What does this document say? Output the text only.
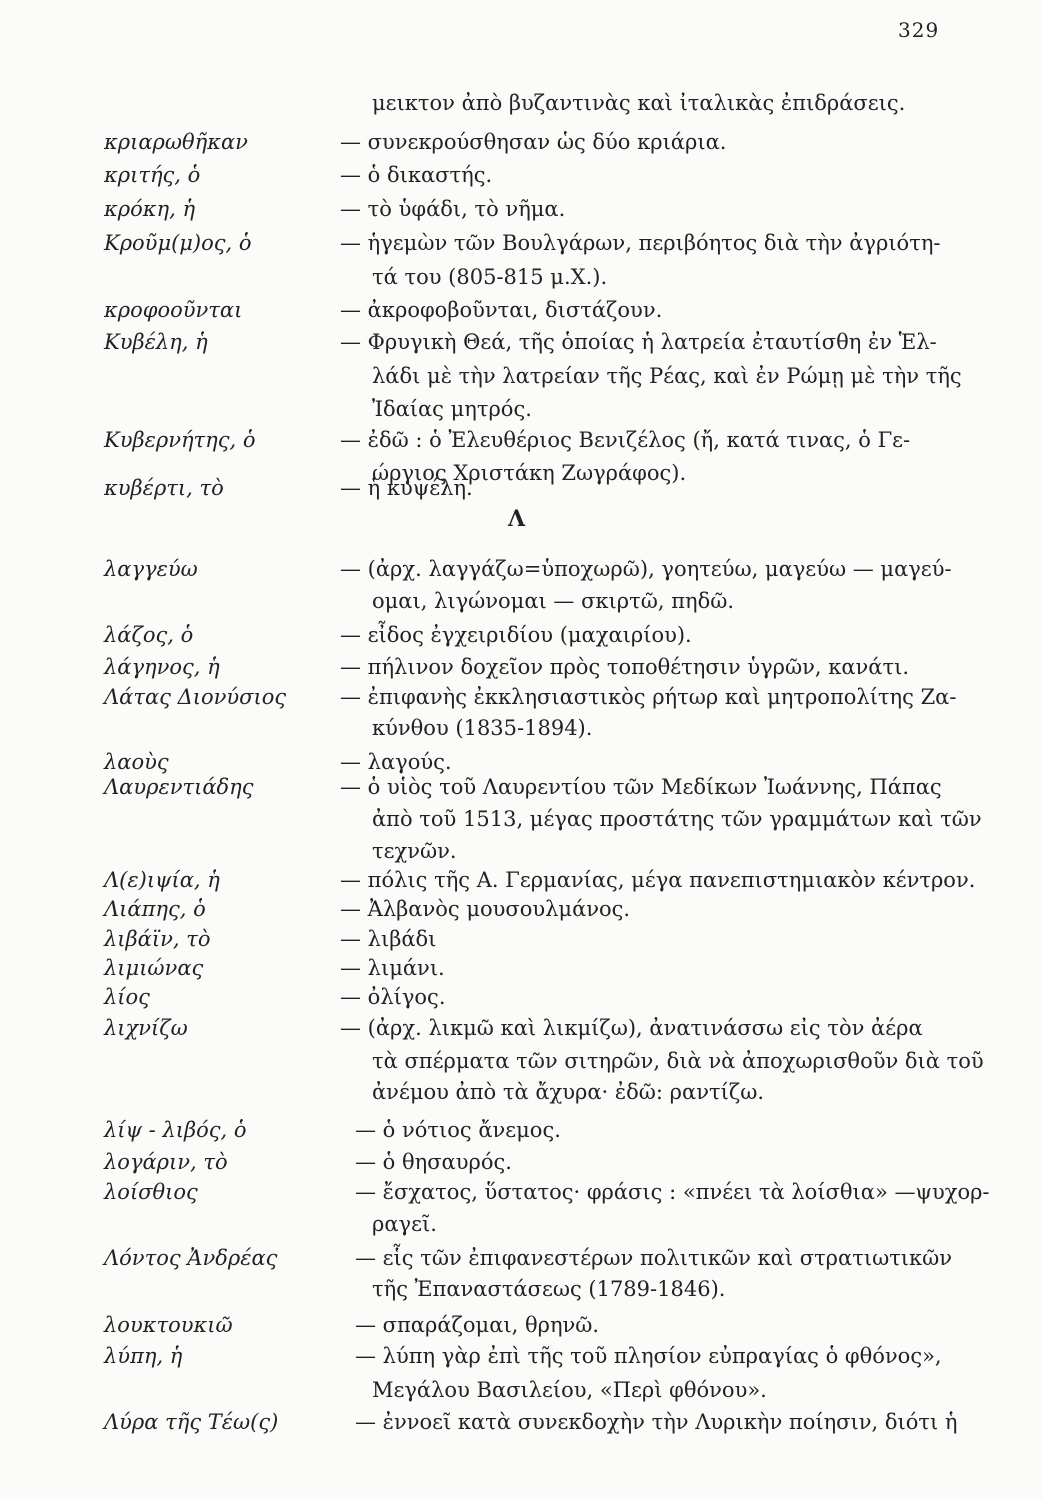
329
Λ
μεικτον ἀπὸ βυζαντινὰς καὶ ἰταλικὰς ἐπιδράσεις.
κριαρωθῆκαν	— συνεκρούσθησαν ὡς δύο κριάρια.
κριτής, ὁ	— ὁ δικαστής.
κρόκη, ἡ	— τὸ ὑφάδι, τὸ νῆμα.
Κροῦμ(μ)ος, ὁ	— ἡγεμὼν τῶν Βουλγάρων, περιβόητος διὰ τὴν ἀγριότη-
τά του (805-815 μ.Χ.).
κροφοοῦνται	— ἀκροφοβοῦνται, διστάζουν.
Κυβέλη, ἡ	— Φρυγικὴ Θεά, τῆς ὁποίας ἡ λατρεία ἐταυτίσθη ἐν Ἑλ-
λάδι μὲ τὴν λατρείαν τῆς Ρέας, καὶ ἐν Ρώμῃ μὲ τὴν τῆς
Ἰδαίας μητρός.
Κυβερνήτης, ὁ	— ἐδῶ : ὁ Ἐλευθέριος Βενιζέλος (ἤ, κατά τινας, ὁ Γε-
ώργιος Χριστάκη Ζωγράφος).
κυβέρτι, τὸ	— ἡ κυψέλη.
λαγγεύω	— (ἀρχ. λαγγάζω=ὑποχωρῶ), γοητεύω, μαγεύω — μαγεύ-
ομαι, λιγώνομαι — σκιρτῶ, πηδῶ.
λάζος, ὁ	— εἶδος ἐγχειριδίου (μαχαιρίου).
λάγηνος, ἡ	— πήλινον δοχεῖον πρὸς τοποθέτησιν ὑγρῶν, κανάτι.
Λάτας Διονύσιος	— ἐπιφανὴς ἐκκλησιαστικὸς ρήτωρ καὶ μητροπολίτης Ζα-
κύνθου (1835-1894).
λαοὺς	— λαγούς.
Λαυρεντιάδης	— ὁ υἱὸς τοῦ Λαυρεντίου τῶν Μεδίκων Ἰωάννης, Πάπας
ἀπὸ τοῦ 1513, μέγας προστάτης τῶν γραμμάτων καὶ τῶν
τεχνῶν.
Λ(ε)ιψία, ἡ	— πόλις τῆς Α. Γερμανίας, μέγα πανεπιστημιακὸν κέντρον.
Λιάπης, ὁ	— Ἀλβανὸς μουσουλμάνος.
λιβάϊν, τὸ	— λιβάδι
λιμιώνας	— λιμάνι.
λίος	— ὀλίγος.
λιχνίζω	— (ἀρχ. λικμῶ καὶ λικμίζω), ἀνατινάσσω εἰς τὸν ἀέρα
τὰ σπέρματα τῶν σιτηρῶν, διὰ νὰ ἀποχωρισθοῦν διὰ τοῦ
ἀνέμου ἀπὸ τὰ ἄχυρα· ἐδῶ: ραντίζω.
λίψ - λιβός, ὁ	— ὁ νότιος ἄνεμος.
λογάριν, τὸ	— ὁ θησαυρός.
λοίσθιος	— ἔσχατος, ὕστατος· φράσις : «πνέει τὰ λοίσθια» —ψυχορ-
ραγεῖ.
Λόντος Ἀνδρέας	— εἷς τῶν ἐπιφανεστέρων πολιτικῶν καὶ στρατιωτικῶν
τῆς Ἐπαναστάσεως (1789-1846).
λουκτουκιῶ	— σπαράζομαι, θρηνῶ.
λύπη, ἡ	— λύπη γὰρ ἐπὶ τῆς τοῦ πλησίον εὐπραγίας ὁ φθόνος»,
Μεγάλου Βασιλείου, «Περὶ φθόνου».
Λύρα τῆς Τέω(ς)	— ἐννοεῖ κατὰ συνεκδοχὴν τὴν Λυρικὴν ποίησιν, διότι ἡ
